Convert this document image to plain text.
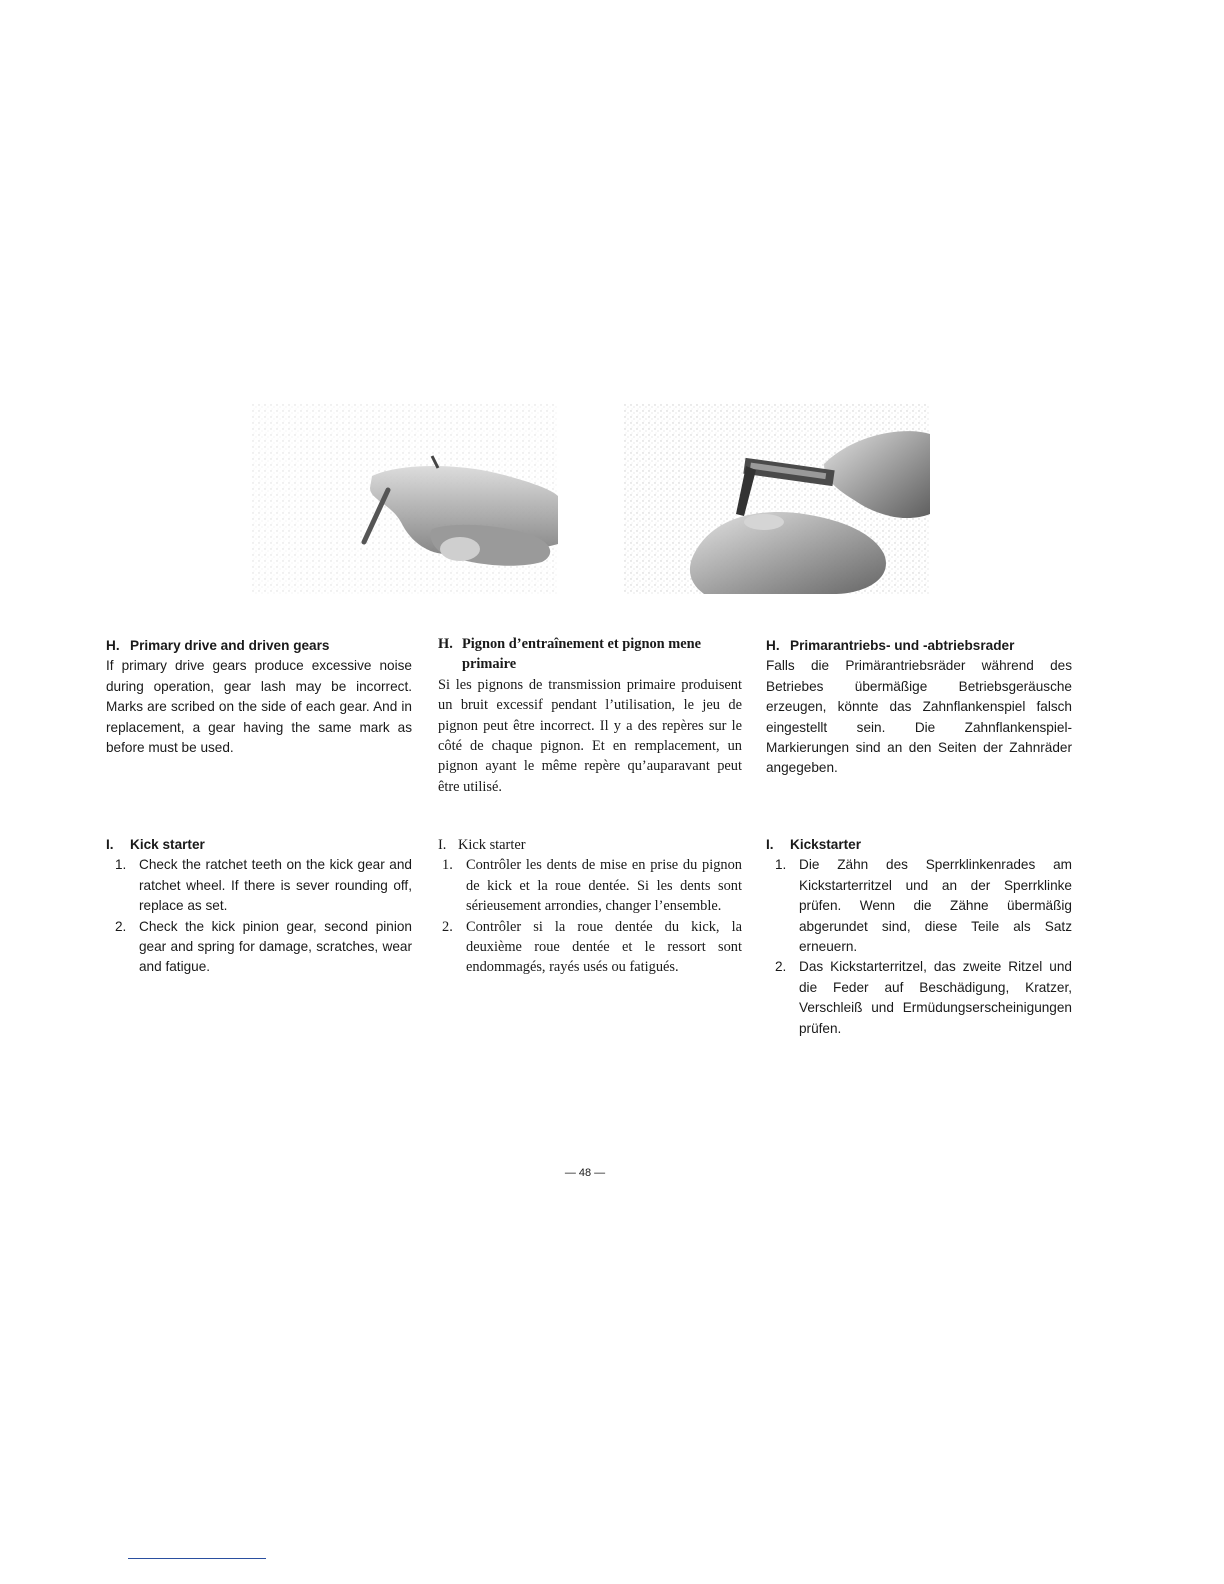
H. Primary drive and driven gears

If primary drive gears produce excessive noise during operation, gear lash may be incorrect. Marks are scribed on the side of each gear. And in replacement, a gear having the same mark as before must be used.

H. Pignon d’entraînement et pignon mene
primaire

Si les pignons de transmission primaire produisent un bruit excessif pendant l’utilisation, le jeu de pignon peut être incorrect. Il y a des repères sur le côté de chaque pignon. Et en remplacement, un pignon ayant le même repère qu’auparavant peut être utilisé.

H. Primarantriebs- und -abtriebsrader

Falls die Primärantriebsräder während des Betriebes übermäßige Betriebsgeräusche erzeugen, könnte das Zahnflankenspiel falsch eingestellt sein. Die Zahnflankenspiel-Markierungen sind an den Seiten der Zahnräder angegeben.

I. Kick starter
1. Check the ratchet teeth on the kick gear and ratchet wheel. If there is sever rounding off, replace as set.
2. Check the kick pinion gear, second pinion gear and spring for damage, scratches, wear and fatigue.
I. Kick starter
1. Contrôler les dents de mise en prise du pignon de kick et la roue dentée. Si les dents sont sérieusement arrondies, changer l’ensemble.
2. Contrôler si la roue dentée du kick, la deuxième roue dentée et le ressort sont endommagés, rayés usés ou fatigués.
I. Kickstarter
1. Die Zähn des Sperrklinkenrades am Kickstarterritzel und an der Sperrklinke prüfen. Wenn die Zähne übermäßig abgerundet sind, diese Teile als Satz erneuern.
2. Das Kickstarterritzel, das zweite Ritzel und die Feder auf Beschädigung, Kratzer, Verschleiß und Ermüdungserscheinigungen prüfen.
— 48 —
